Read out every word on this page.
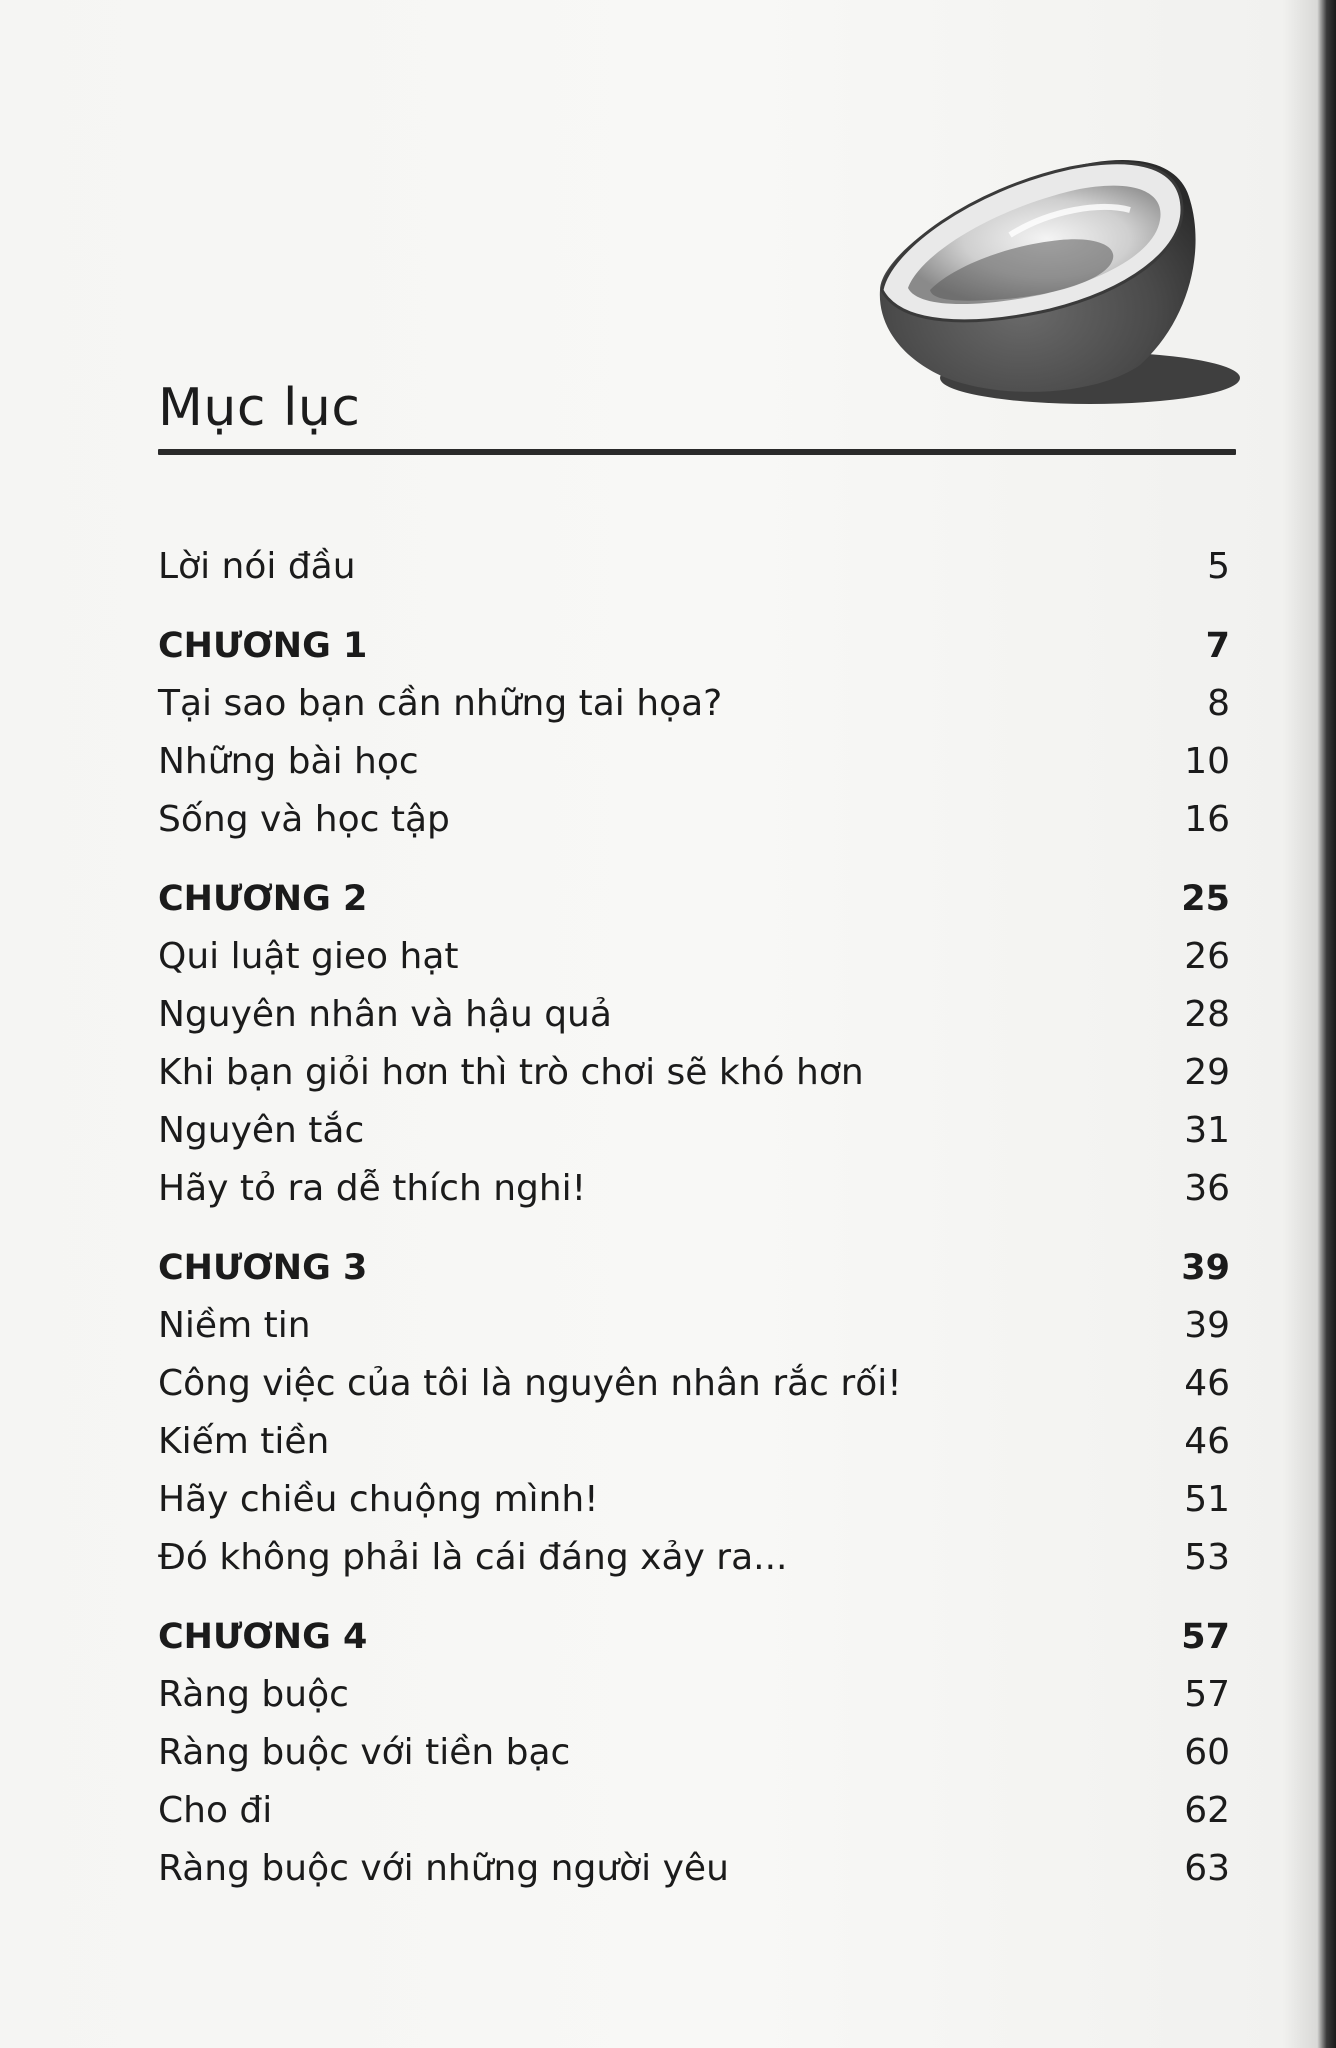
Mục lục
Lời nói đầu	5
CHƯƠNG 1	7
Tại sao bạn cần những tai họa?	8
Những bài học	10
Sống và học tập	16
CHƯƠNG 2	25
Qui luật gieo hạt	26
Nguyên nhân và hậu quả	28
Khi bạn giỏi hơn thì trò chơi sẽ khó hơn	29
Nguyên tắc	31
Hãy tỏ ra dễ thích nghi!	36
CHƯƠNG 3	39
Niềm tin	39
Công việc của tôi là nguyên nhân rắc rối!	46
Kiếm tiền	46
Hãy chiều chuộng mình!	51
Đó không phải là cái đáng xảy ra...	53
CHƯƠNG 4	57
Ràng buộc	57
Ràng buộc với tiền bạc	60
Cho đi	62
Ràng buộc với những người yêu	63
